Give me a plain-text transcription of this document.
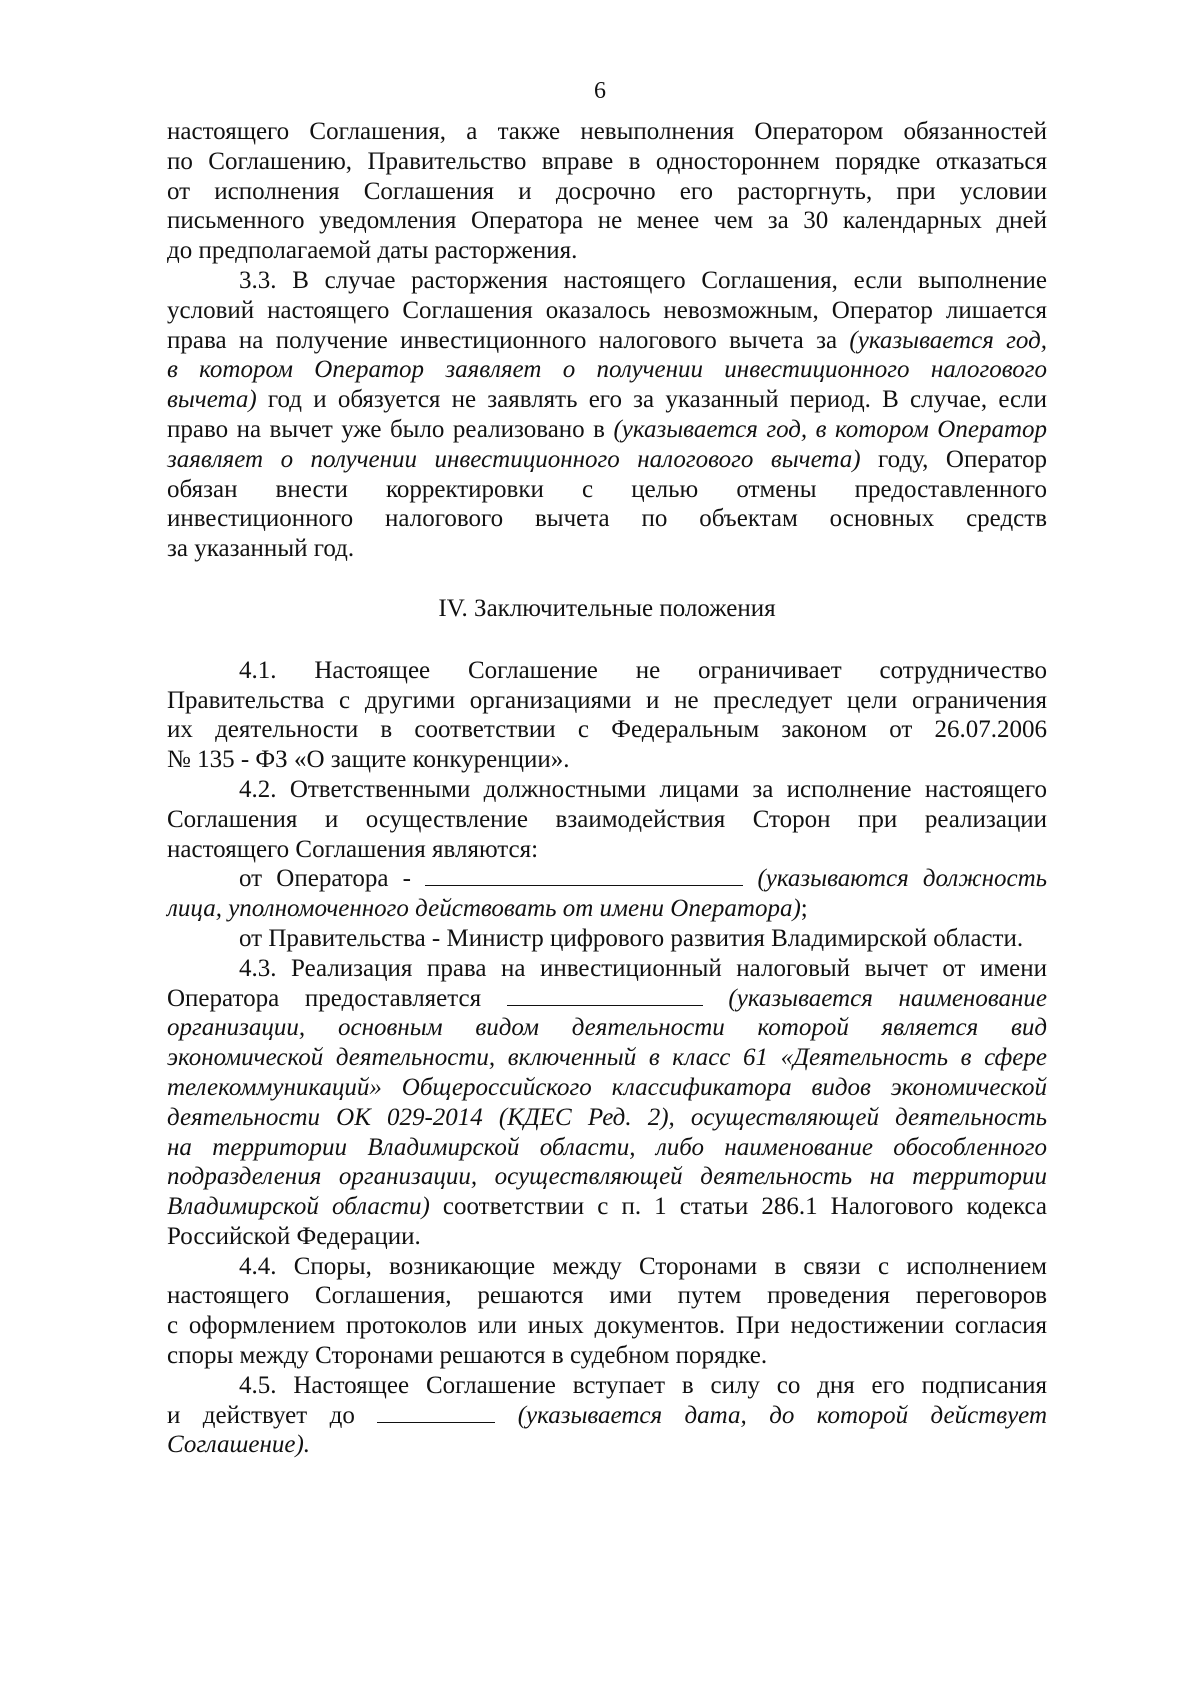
6

настоящего Соглашения, а также невыполнения Оператором обязанностей

по Соглашению, Правительство вправе в одностороннем порядке отказаться

от исполнения Соглашения и досрочно его расторгнуть, при условии

письменного уведомления Оператора не менее чем за 30 календарных дней

до предполагаемой даты расторжения.

3.3. В случае расторжения настоящего Соглашения, если выполнение

условий настоящего Соглашения оказалось невозможным, Оператор лишается

права на получение инвестиционного налогового вычета за (указывается год,

в котором Оператор заявляет о получении инвестиционного налогового

вычета) год и обязуется не заявлять его за указанный период. В случае, если

право на вычет уже было реализовано в (указывается год, в котором Оператор

заявляет о получении инвестиционного налогового вычета) году, Оператор

обязан внести корректировки с целью отмены предоставленного

инвестиционного налогового вычета по объектам основных средств

за указанный год.

IV. Заключительные положения

4.1. Настоящее Соглашение не ограничивает сотрудничество

Правительства с другими организациями и не преследует цели ограничения

их деятельности в соответствии с Федеральным законом от 26.07.2006

№ 135 - ФЗ «О защите конкуренции».

4.2. Ответственными должностными лицами за исполнение настоящего

Соглашения и осуществление взаимодействия Сторон при реализации

настоящего Соглашения являются:

от Оператора -	(указываются должность

лица, уполномоченного действовать от имени Оператора);

от Правительства - Министр цифрового развития Владимирской области.

4.3. Реализация права на инвестиционный налоговый вычет от имени

Оператора предоставляется	(указывается наименование

организации, основным видом деятельности которой является вид

экономической деятельности, включенный в класс 61 «Деятельность в сфере

телекоммуникаций» Общероссийского классификатора видов экономической

деятельности ОК 029-2014 (КДЕС Ред. 2), осуществляющей деятельность

на территории Владимирской области, либо наименование обособленного

подразделения организации, осуществляющей деятельность на территории

Владимирской области) соответствии с п. 1 статьи 286.1 Налогового кодекса

Российской Федерации.

4.4. Споры, возникающие между Сторонами в связи с исполнением

настоящего Соглашения, решаются ими путем проведения переговоров

с оформлением протоколов или иных документов. При недостижении согласия

споры между Сторонами решаются в судебном порядке.

4.5. Настоящее Соглашение вступает в силу со дня его подписания

и действует до	(указывается дата, до которой действует

Соглашение).
